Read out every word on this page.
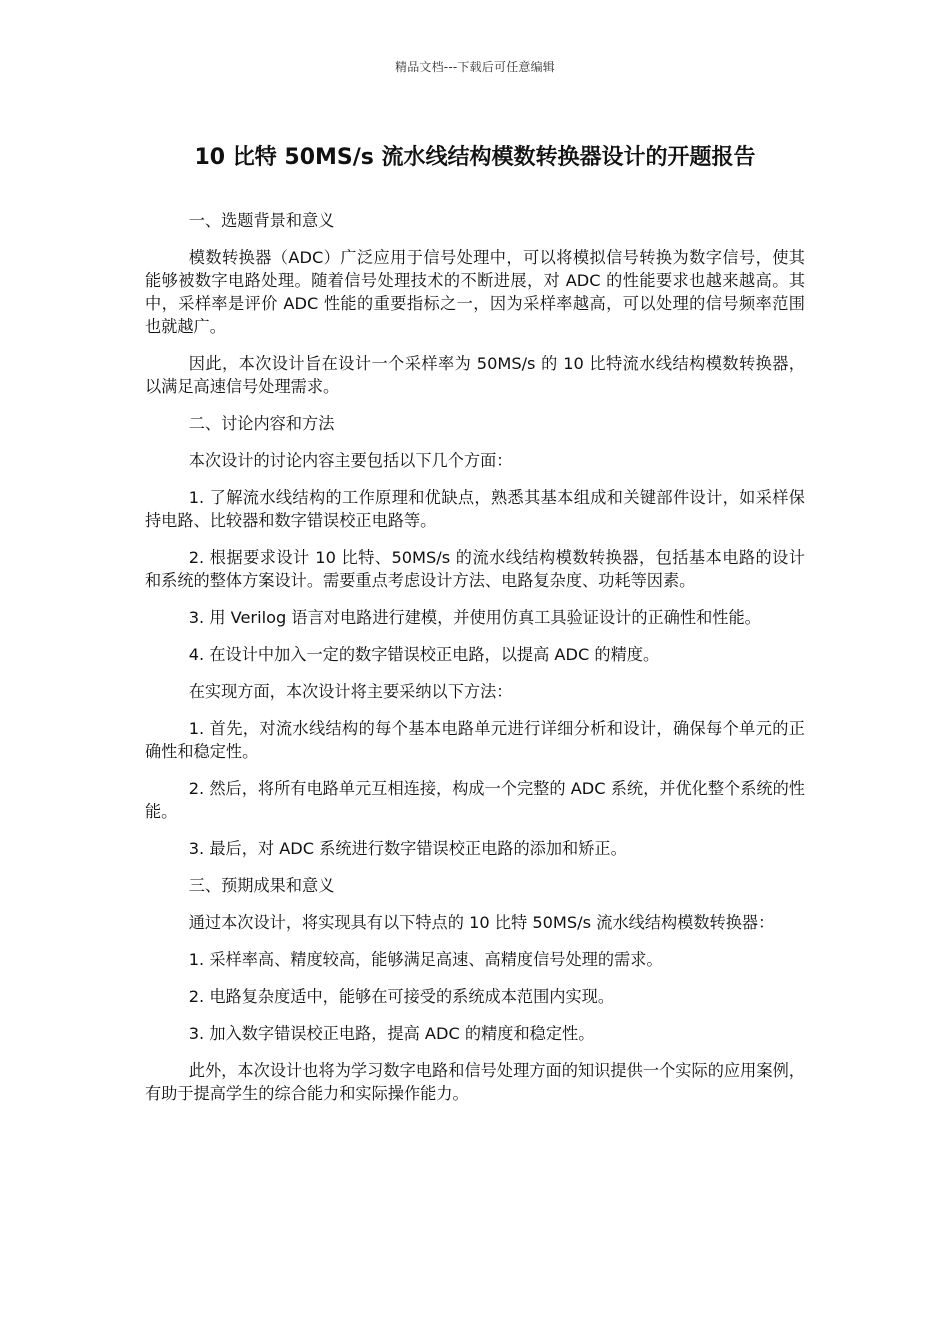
精品文档---下载后可任意编辑
10 比特 50MS/s 流水线结构模数转换器设计的开题报告

一、选题背景和意义

模数转换器（ADC）广泛应用于信号处理中，可以将模拟信号转换为数字信号，使其能够被数字电路处理。随着信号处理技术的不断进展，对 ADC 的性能要求也越来越高。其中，采样率是评价 ADC 性能的重要指标之一，因为采样率越高，可以处理的信号频率范围也就越广。

因此，本次设计旨在设计一个采样率为 50MS/s 的 10 比特流水线结构模数转换器，以满足高速信号处理需求。

二、讨论内容和方法

本次设计的讨论内容主要包括以下几个方面：

1. 了解流水线结构的工作原理和优缺点，熟悉其基本组成和关键部件设计，如采样保持电路、比较器和数字错误校正电路等。

2. 根据要求设计 10 比特、50MS/s 的流水线结构模数转换器，包括基本电路的设计和系统的整体方案设计。需要重点考虑设计方法、电路复杂度、功耗等因素。

3. 用 Verilog 语言对电路进行建模，并使用仿真工具验证设计的正确性和性能。

4. 在设计中加入一定的数字错误校正电路，以提高 ADC 的精度。

在实现方面，本次设计将主要采纳以下方法：

1. 首先，对流水线结构的每个基本电路单元进行详细分析和设计，确保每个单元的正确性和稳定性。

2. 然后，将所有电路单元互相连接，构成一个完整的 ADC 系统，并优化整个系统的性能。

3. 最后，对 ADC 系统进行数字错误校正电路的添加和矫正。

三、预期成果和意义

通过本次设计，将实现具有以下特点的 10 比特 50MS/s 流水线结构模数转换器：

1. 采样率高、精度较高，能够满足高速、高精度信号处理的需求。

2. 电路复杂度适中，能够在可接受的系统成本范围内实现。

3. 加入数字错误校正电路，提高 ADC 的精度和稳定性。

此外，本次设计也将为学习数字电路和信号处理方面的知识提供一个实际的应用案例，有助于提高学生的综合能力和实际操作能力。
